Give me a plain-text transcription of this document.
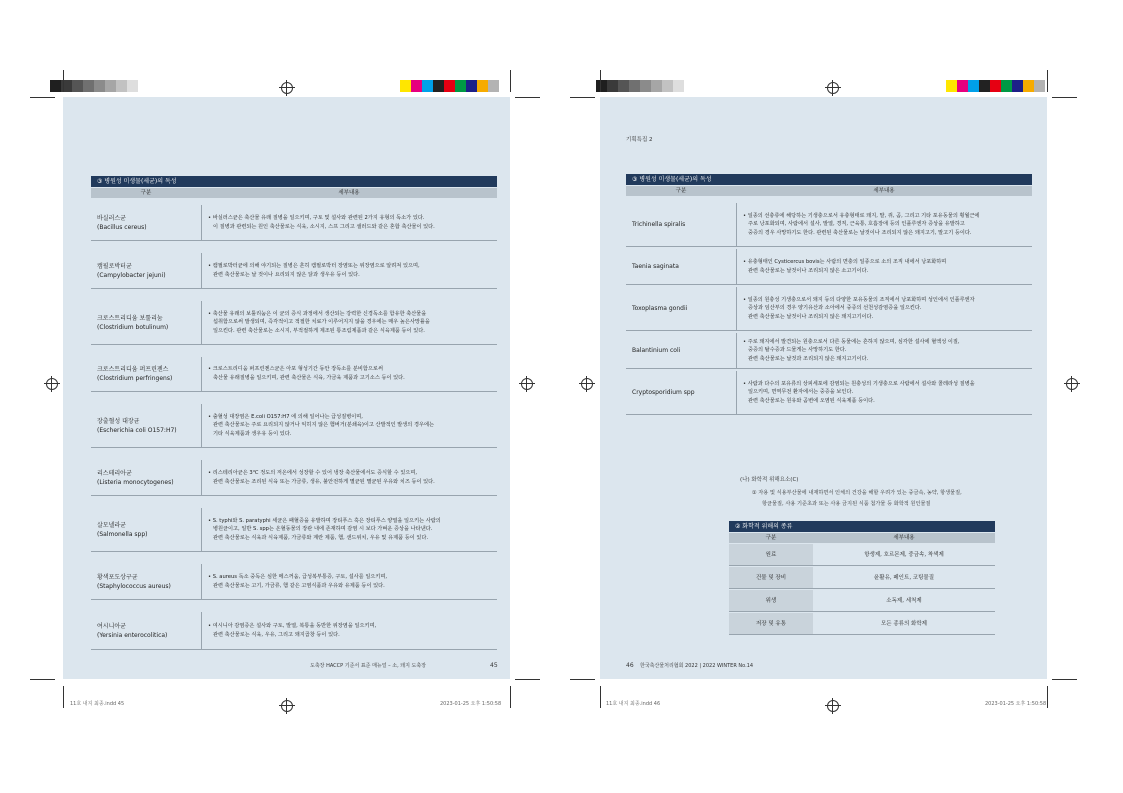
③ 병원성 미생물(세균)의 독성
구분	세부내용
바실러스균
(Bacillus cereus)
• 바실러스균은 축산물 유래 질병을 일으키며, 구토 및 설사와 관련된 2가지 유형의 독소가 있다.
이 질병과 관련되는 원인 축산물로는 식육, 소시지, 스프 그리고 샐러드와 같은 혼합 축산물이 있다.
캠필로박터균
(Campylobacter jejuni)
• 캠필로박터균에 의해 야기되는 질병은 흔히 캠필로박터 장염또는 위장염으로 알려져 있으며,
관련 축산물로는 날 것이나 요리되지 않은 닭과 생우유 등이 있다.
크로스트리디움 보툴리눔
(Clostridium botulinum)
• 축산물 유래의 보툴리눔은 이 균의 증식 과정에서 생산되는 강력한 신경독소를 함유한 축산물을
섭취함으로써 발생되며, 즉각적이고 적절한 치료가 이루어지지 않을 경우에는 매우 높은사망률을
일으킨다. 관련 축산물로는 소시지, 부적절하게 제조된 통조림제품과 같은 식육제품 등이 있다.
크로스트리디움 퍼프린젠스
(Clostridium perfringens)
• 크로스트리디움 퍼프린젠스균은 아포 형성기간 동안 장독소를 분비함으로써
축산물 유래질병을 일으키며, 관련 축산물은 식육, 가금육 제품과 고기소스 등이 있다.
장출혈성 대장균
(Escherichia coli O157:H7)
• 출혈성 대장염은 E.coli O157:H7 에 의해 일어나는 급성질병이며,
관련 축산물로는 주로 요리되지 않거나 익히지 않은 햄버거(분쇄육)이고 산발적인 발생의 경우에는
기타 식육제품과 생우유 등이 있다.
리스테리아균
(Listeria monocytogenes)
• 리스테리아균은 3℃ 정도의 저온에서 성장할 수 있어 냉장 축산물에서도 증식할 수 있으며,
관련 축산물로는 조리된 식육 또는 가금류, 생유, 불안전하게 멸균된 멸균된 우유와 치즈 등이 있다.
살모넬라균
(Salmonella spp)
• S. typhi와 S. paratyphi 세균은 패혈증을 유발하며 장티푸스 혹은 장티푸스 양열을 일으키는 사람의
병원균이고, 일반 S. spp는 온혈동물의 장관 내에 존재하며 감염 시 보다 가벼운 증상을 나타낸다.
관련 축산물로는 식육과 식육제품, 가금류와 계란 제품, 햄, 샌드위치, 우유 및 유제품 등이 있다.
황색포도상구균
(Staphylococcus aureus)
• S. aureus 독소 중독은 심한 메스꺼움, 급성복부통증, 구토, 설사를 일으키며,
관련 축산물로는 고기, 가금류, 햄 같은 고염식품과 우유와 유제품 등이 있다.
여시니아균
(Yersinia enterocolitica)
• 여시니아 감염증은 설사와 구토, 발열, 복통을 동반한 위장염을 일으키며,
관련 축산물로는 식육, 우유, 그리고 돼지곱창 등이 있다.
도축장 HACCP 기준서 표준 매뉴얼 – 소, 돼지 도축장	45
11호 내지 최종.indd 45	2023-01-25 오후 1:50:58
기획특집 2
③ 병원성 미생물(세균)의 독성
구분	세부내용
Trichinella spiralis
• 일종의 선충류에 해당하는 기생충으로서 유충형태로 돼지, 말, 쥐, 곰, 그리고 기타 포유동물의 횡월근에
주로 낭포화되며, 사람에서 설사, 발열, 경직, 근육통, 호흡장애 등의 인플루엔자 증상을 유발하고
중증의 경우 사망하기도 한다. 관련된 축산물로는 날것이나 조리되지 않은 돼지고기, 말고기 등이다.
Taenia saginata
• 유충형태인 Cysticercus bovis는 사람의 면충의 일종으로 소의 조직 내에서 낭포화하며
관련 축산물로는 날것이나 조리되지 않은 소고기이다.
Toxoplasma gondii
• 일종의 원충성 기생충으로서 돼지 등의 다양한 포유동물의 조직에서 낭포화하며 성인에서 인플루엔자
증상과 임산부의 경우 양기유산과 소아에서 중증의 선천성감염증을 일으킨다.
관련 축산물로는 날것이나 조리되지 않은 돼지고기이다.
Balantinium coli
• 주로 돼지에서 발견되는 원충으로서 다른 동물에는 흔하지 않으며, 심각한 설사에 혈액성 이질,
중증의 탈수증과 드물게는 사망하기도 한다.
관련 축산물로는 날것과 조리되지 않은 돼지고기이다.
Cryptosporidium spp
• 사람과 다수의 포유류의 상피세포에 감염되는 원충성의 기생충으로 사람에서 설사와 콜레라성 질병을
일으키며, 면역무전 환자에서는 중증을 보인다.
관련 축산물로는 원유와 곰변에 오염된 식육제품 등이다.
(나) 화학적 위해요소(C)
① 자용 및 식용부산물에 내재하면서 인체의 건강을 해할 우려가 있는 중금속, 농약, 항생물질,
항균물질, 사용 기준초과 또는 사용 금지된 식품 첨가물 등 화학적 원인물질
② 화학적 위해의 종류
구분	세부내용
원료	항생제, 호르몬제, 중금속, 착색제
건물 및 장비	윤활유, 페인트, 코팅물질
위생	소독제, 세척제
저장 및 유통	모든 종류의 화학제
46 한국축산물처리협회 2022 | 2022 WINTER No.14
11호 내지 최종.indd 46	2023-01-25 오후 1:50:58
